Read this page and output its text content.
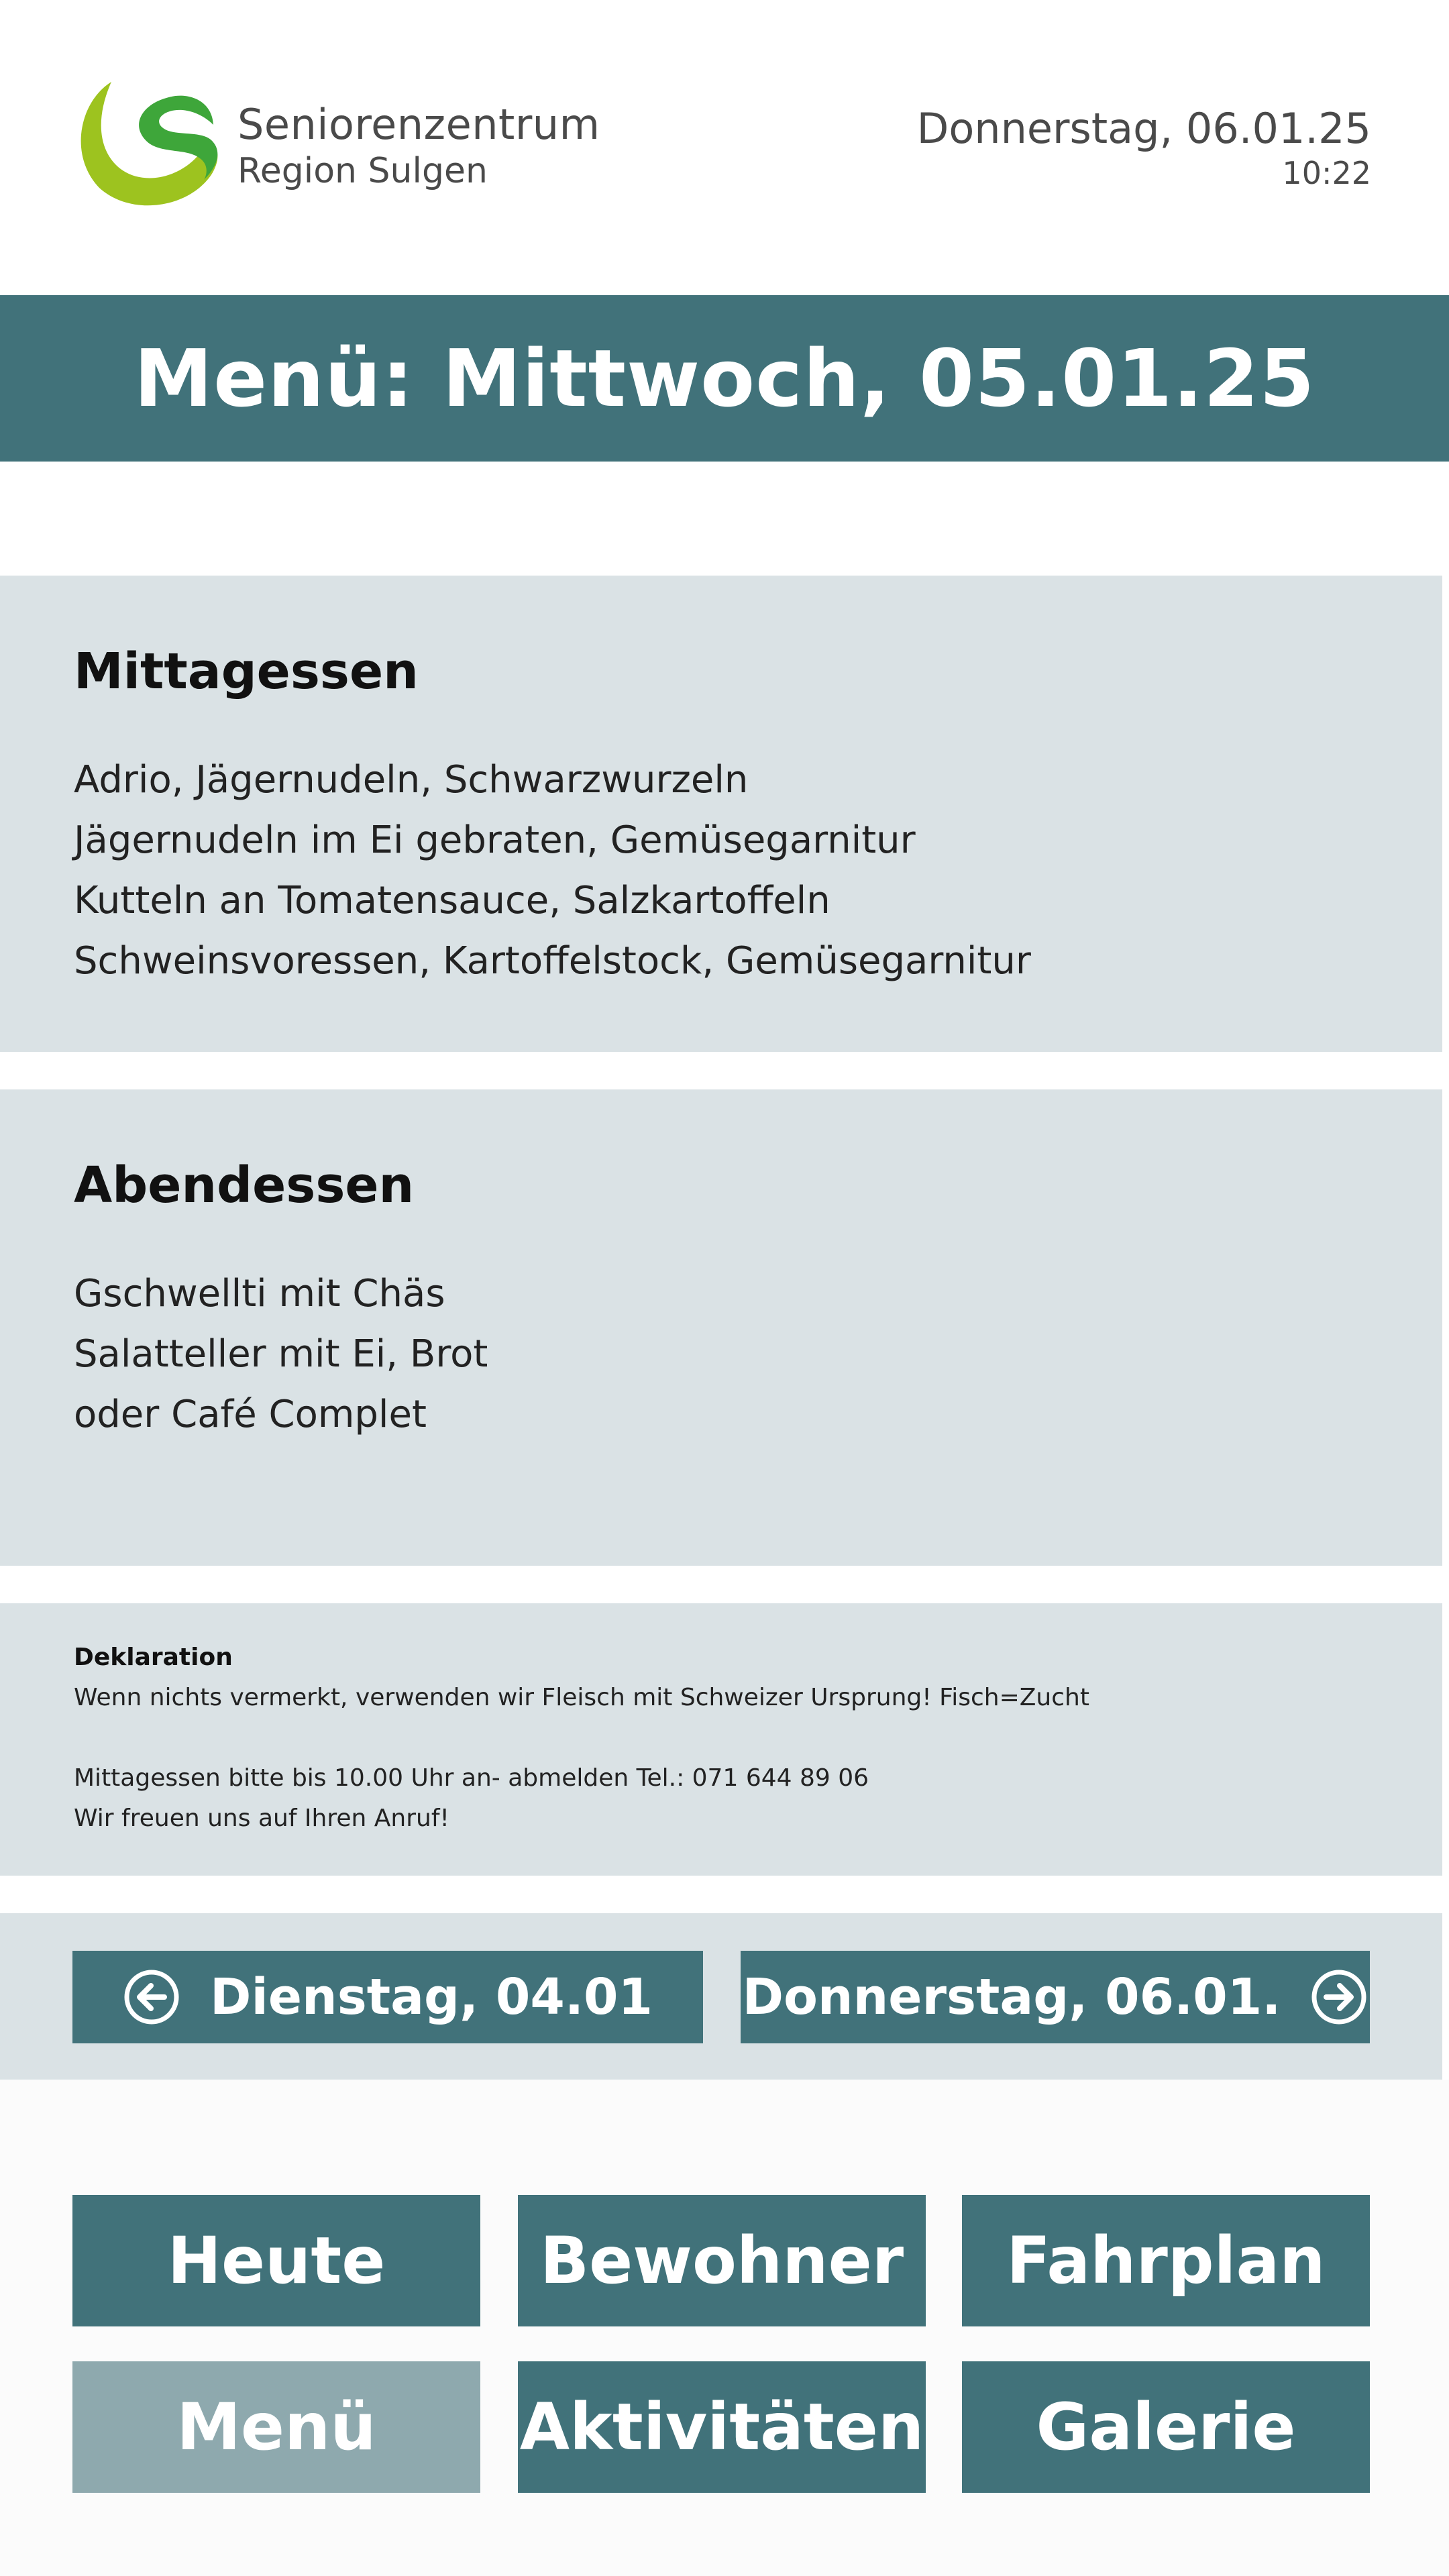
Seniorenzentrum
Region Sulgen
Donnerstag, 06.01.25
10:22
Menü: Mittwoch, 05.01.25
Mittagessen
Adrio, Jägernudeln, Schwarzwurzeln
Jägernudeln im Ei gebraten, Gemüsegarnitur
Kutteln an Tomatensauce, Salzkartoffeln
Schweinsvoressen, Kartoffelstock, Gemüsegarnitur
Abendessen
Gschwellti mit Chäs
Salatteller mit Ei, Brot
oder Café Complet
Deklaration
Wenn nichts vermerkt, verwenden wir Fleisch mit Schweizer Ursprung! Fisch=Zucht
Mittagessen bitte bis 10.00 Uhr an- abmelden Tel.: 071 644 89 06
Wir freuen uns auf Ihren Anruf!
Dienstag, 04.01 Donnerstag, 06.01.
Heute	Bewohner	Fahrplan
Menü	Aktivitäten	Galerie
